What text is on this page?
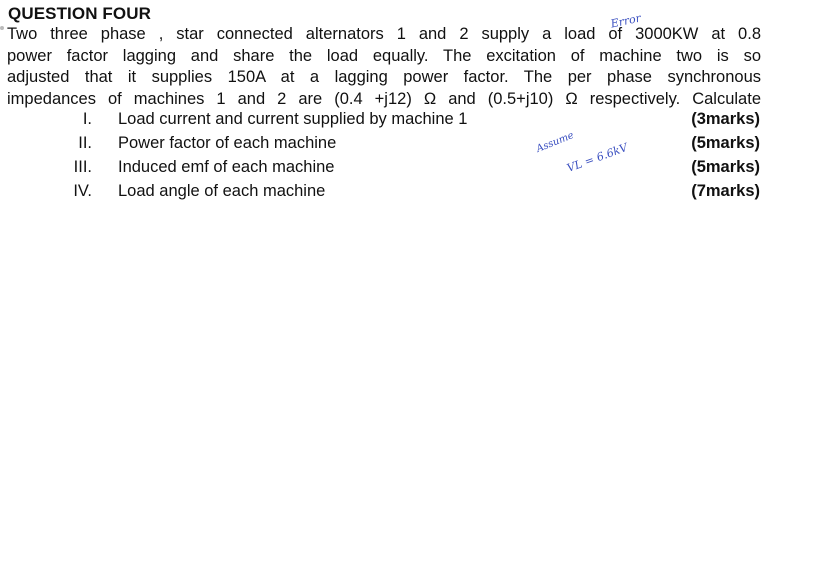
QUESTION FOUR
Two three phase , star connected alternators 1 and 2 supply a load of 3000KW at 0.8
power factor lagging and share the load equally. The excitation of machine two is so
adjusted that it supplies 150A at a lagging power factor. The per phase synchronous
impedances of machines 1 and 2 are (0.4 +j12) Ω and (0.5+j10) Ω respectively. Calculate
I. Load current and current supplied by machine 1	(3marks)
II. Power factor of each machine	(5marks)
III. Induced emf of each machine	(5marks)
IV. Load angle of each machine	(7marks)
Error
Assume
VL = 6.6kV
